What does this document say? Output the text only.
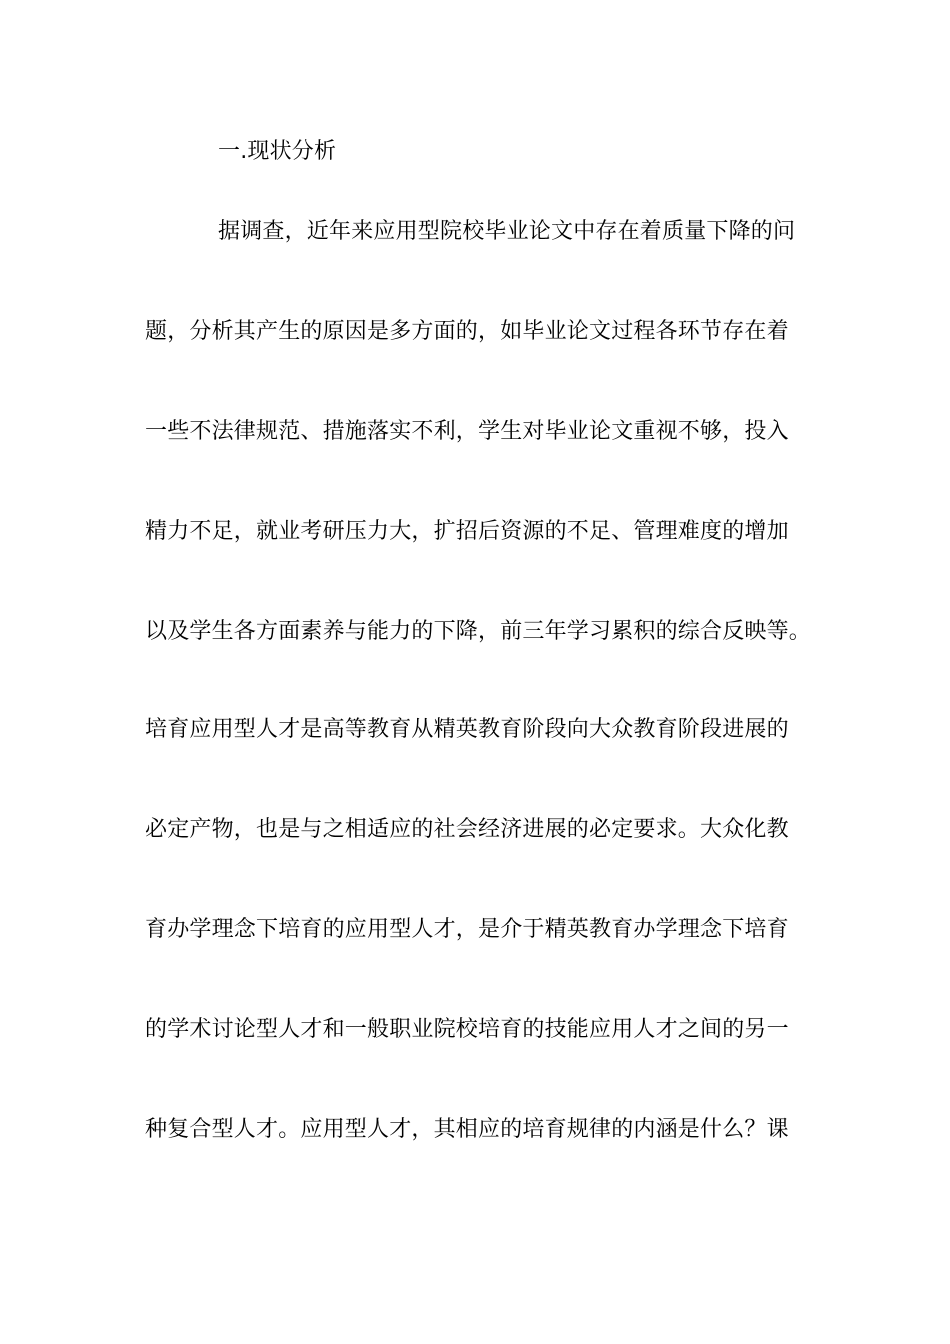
一.现状分析
据调查，近年来应用型院校毕业论文中存在着质量下降的问
题，分析其产生的原因是多方面的，如毕业论文过程各环节存在着
一些不法律规范、措施落实不利，学生对毕业论文重视不够，投入
精力不足，就业考研压力大，扩招后资源的不足、管理难度的增加
以及学生各方面素养与能力的下降，前三年学习累积的综合反映等。
培育应用型人才是高等教育从精英教育阶段向大众教育阶段进展的
必定产物，也是与之相适应的社会经济进展的必定要求。大众化教
育办学理念下培育的应用型人才，是介于精英教育办学理念下培育
的学术讨论型人才和一般职业院校培育的技能应用人才之间的另一
种复合型人才。应用型人才，其相应的培育规律的内涵是什么？课
